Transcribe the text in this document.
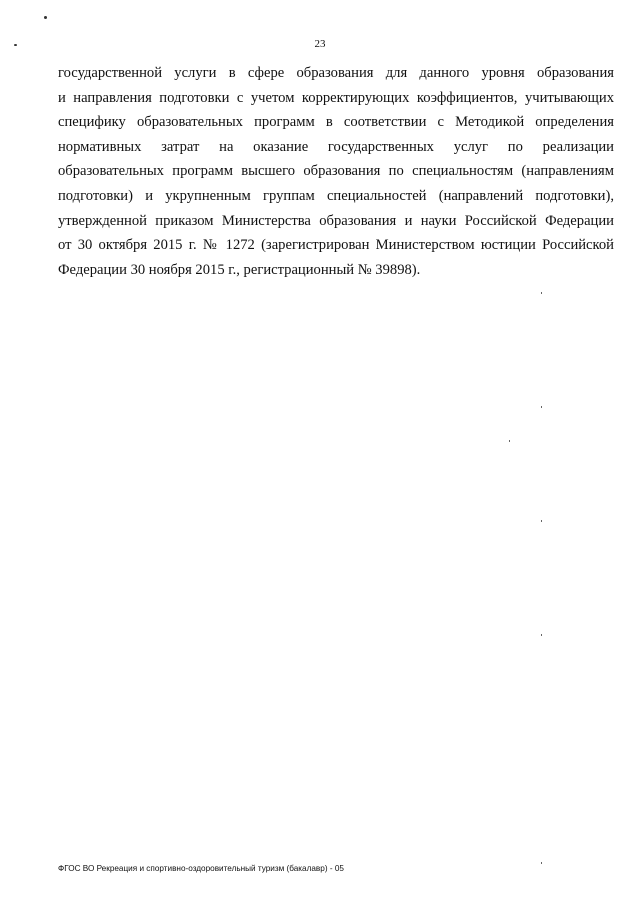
23
государственной услуги в сфере образования для данного уровня образования
и направления подготовки с учетом корректирующих коэффициентов, учитывающих
специфику образовательных программ в соответствии с Методикой определения
нормативных затрат на оказание государственных услуг по реализации
образовательных программ высшего образования по специальностям (направлениям
подготовки) и укрупненным группам специальностей (направлений подготовки),
утвержденной приказом Министерства образования и науки Российской Федерации
от 30 октября 2015 г. № 1272 (зарегистрирован Министерством юстиции Российской
Федерации 30 ноября 2015 г., регистрационный № 39898).
ФГОС ВО Рекреация и спортивно-оздоровительный туризм (бакалавр) - 05
